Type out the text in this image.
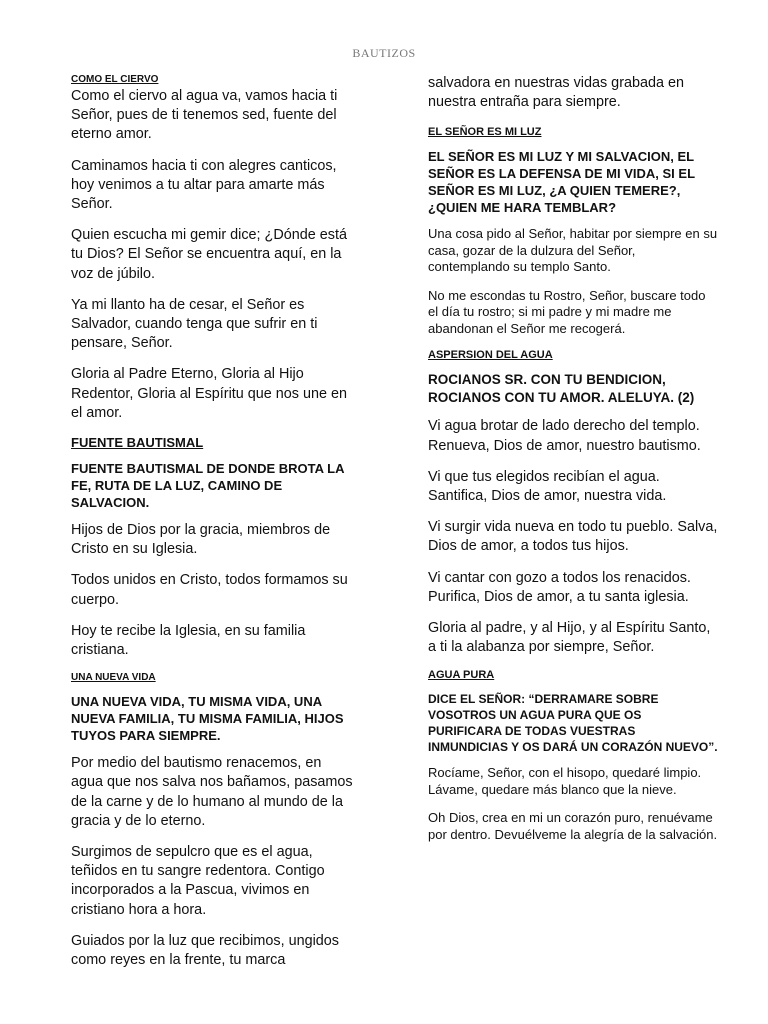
BAUTIZOS
COMO EL CIERVO

Como el ciervo al agua va, vamos hacia ti Señor, pues de ti tenemos sed, fuente del eterno amor.

Caminamos hacia ti con alegres canticos, hoy venimos a tu altar para amarte más Señor.

Quien escucha mi gemir dice; ¿Dónde está tu Dios? El Señor se encuentra aquí, en la voz de júbilo.

Ya mi llanto ha de cesar, el Señor es Salvador, cuando tenga que sufrir en ti pensare, Señor.

Gloria al Padre Eterno, Gloria al Hijo Redentor, Gloria al Espíritu que nos une en el amor.

FUENTE BAUTISMAL

FUENTE BAUTISMAL DE DONDE BROTA LA FE, RUTA DE LA LUZ, CAMINO DE SALVACION.

Hijos de Dios por la gracia, miembros de Cristo en su Iglesia.

Todos unidos en Cristo, todos formamos su cuerpo.

Hoy te recibe la Iglesia, en su familia cristiana.

UNA NUEVA VIDA

UNA NUEVA VIDA, TU MISMA VIDA, UNA NUEVA FAMILIA, TU MISMA FAMILIA, HIJOS TUYOS PARA SIEMPRE.

Por medio del bautismo renacemos, en agua que nos salva nos bañamos, pasamos de la carne y de lo humano al mundo de la gracia y de lo eterno.

Surgimos de sepulcro que es el agua, teñidos en tu sangre redentora. Contigo incorporados a la Pascua, vivimos en cristiano hora a hora.

Guiados por la luz que recibimos, ungidos como reyes en la frente, tu marca

salvadora en nuestras vidas grabada en nuestra entraña para siempre.

EL SEÑOR ES MI LUZ

EL SEÑOR ES MI LUZ Y MI SALVACION, EL SEÑOR ES LA DEFENSA DE MI VIDA, SI EL SEÑOR ES MI LUZ, ¿A QUIEN TEMERE?, ¿QUIEN ME HARA TEMBLAR?

Una cosa pido al Señor, habitar por siempre en su casa, gozar de la dulzura del Señor, contemplando su templo Santo.

No me escondas tu Rostro, Señor, buscare todo el día tu rostro; si mi padre y mi madre me abandonan el Señor me recogerá.

ASPERSION DEL AGUA

ROCIANOS SR. CON TU BENDICION, ROCIANOS CON TU AMOR. ALELUYA. (2)

Vi agua brotar de lado derecho del templo. Renueva, Dios de amor, nuestro bautismo.

Vi que tus elegidos recibían el agua. Santifica, Dios de amor, nuestra vida.

Vi surgir vida nueva en todo tu pueblo. Salva, Dios de amor, a todos tus hijos.

Vi cantar con gozo a todos los renacidos. Purifica, Dios de amor, a tu santa iglesia.

Gloria al padre, y al Hijo, y al Espíritu Santo, a ti la alabanza por siempre, Señor.

AGUA PURA

DICE EL SEÑOR: “DERRAMARE SOBRE VOSOTROS UN AGUA PURA QUE OS PURIFICARA DE TODAS VUESTRAS INMUNDICIAS Y OS DARÁ UN CORAZÓN NUEVO”.

Rocíame, Señor, con el hisopo, quedaré limpio. Lávame, quedare más blanco que la nieve.

Oh Dios, crea en mi un corazón puro, renuévame por dentro. Devuélveme la alegría de la salvación.
